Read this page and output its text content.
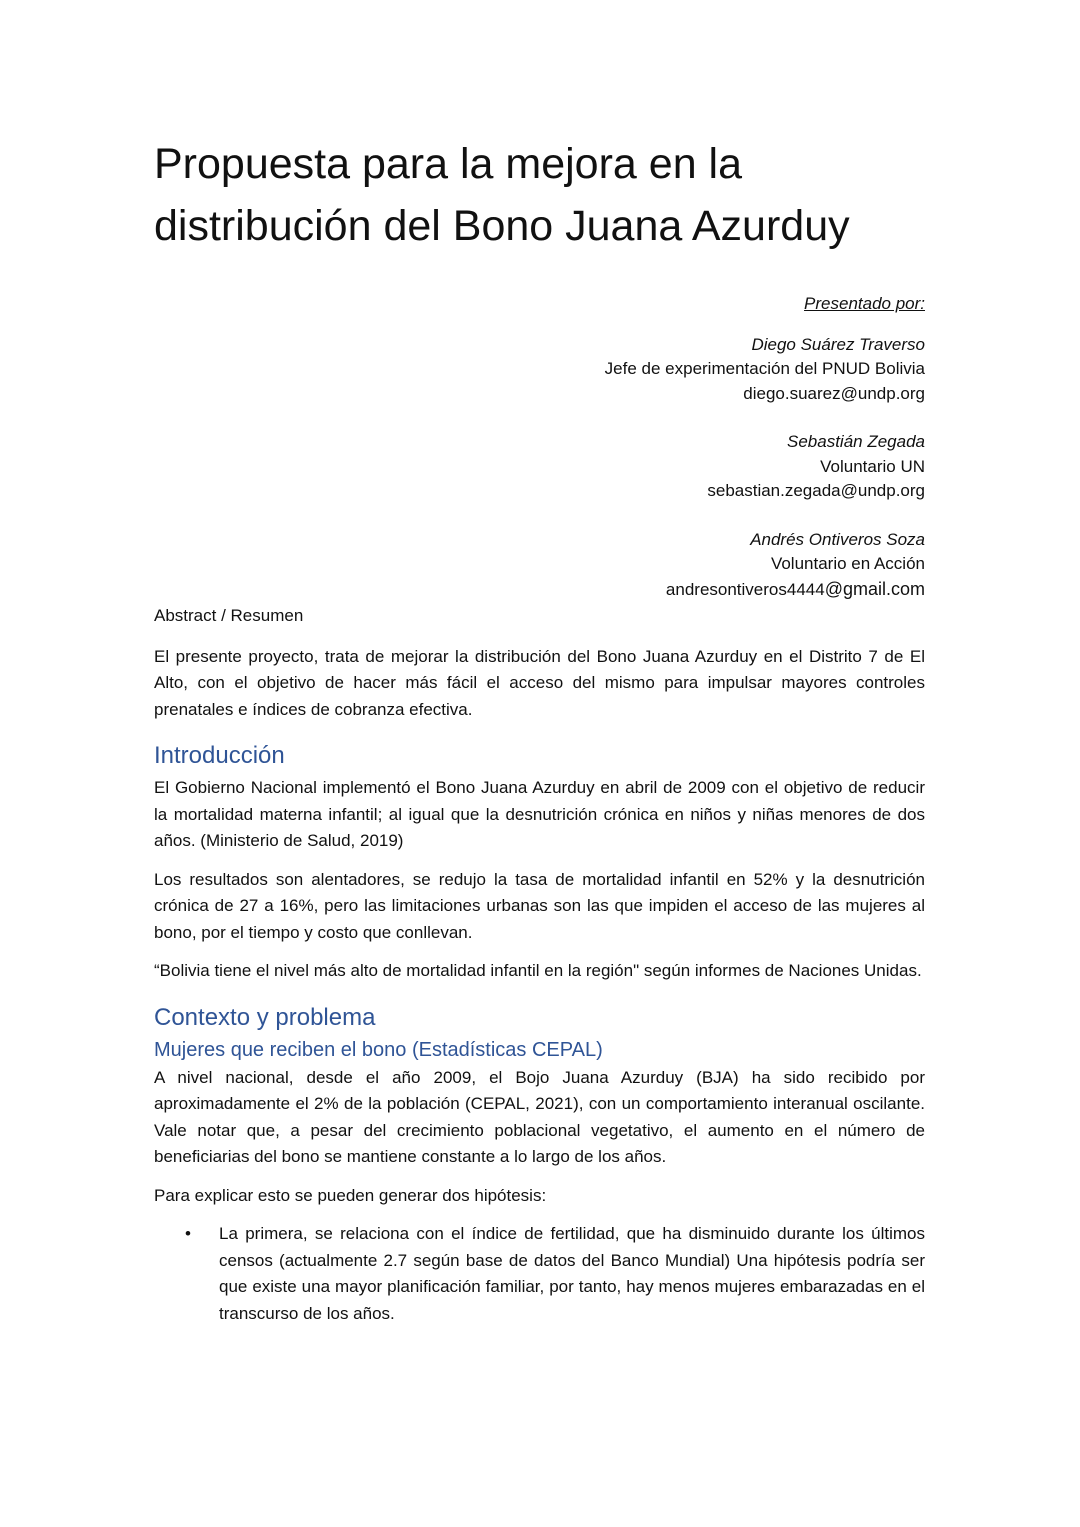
Propuesta para la mejora en la distribución del Bono Juana Azurduy
Presentado por:
Diego Suárez Traverso
Jefe de experimentación del PNUD Bolivia
diego.suarez@undp.org
Sebastián Zegada
Voluntario UN
sebastian.zegada@undp.org
Andrés Ontiveros Soza
Voluntario en Acción
andresontiveros4444@gmail.com

Abstract / Resumen

El presente proyecto, trata de mejorar la distribución del Bono Juana Azurduy en el Distrito 7 de El Alto, con el objetivo de hacer más fácil el acceso del mismo para impulsar mayores controles prenatales e índices de cobranza efectiva.

Introducción

El Gobierno Nacional implementó el Bono Juana Azurduy en abril de 2009 con el objetivo de reducir la mortalidad materna infantil; al igual que la desnutrición crónica en niños y niñas menores de dos años. (Ministerio de Salud, 2019)

Los resultados son alentadores, se redujo la tasa de mortalidad infantil en 52% y la desnutrición crónica de 27 a 16%, pero las limitaciones urbanas son las que impiden el acceso de las mujeres al bono, por el tiempo y costo que conllevan.

“Bolivia tiene el nivel más alto de mortalidad infantil en la región" según informes de Naciones Unidas.

Contexto y problema
Mujeres que reciben el bono (Estadísticas CEPAL)

A nivel nacional, desde el año 2009, el Bojo Juana Azurduy (BJA) ha sido recibido por aproximadamente el 2% de la población (CEPAL, 2021), con un comportamiento interanual oscilante. Vale notar que, a pesar del crecimiento poblacional vegetativo, el aumento en el número de beneficiarias del bono se mantiene constante a lo largo de los años.

Para explicar esto se pueden generar dos hipótesis:

• La primera, se relaciona con el índice de fertilidad, que ha disminuido durante los últimos censos (actualmente 2.7 según base de datos del Banco Mundial) Una hipótesis podría ser que existe una mayor planificación familiar, por tanto, hay menos mujeres embarazadas en el transcurso de los años.
